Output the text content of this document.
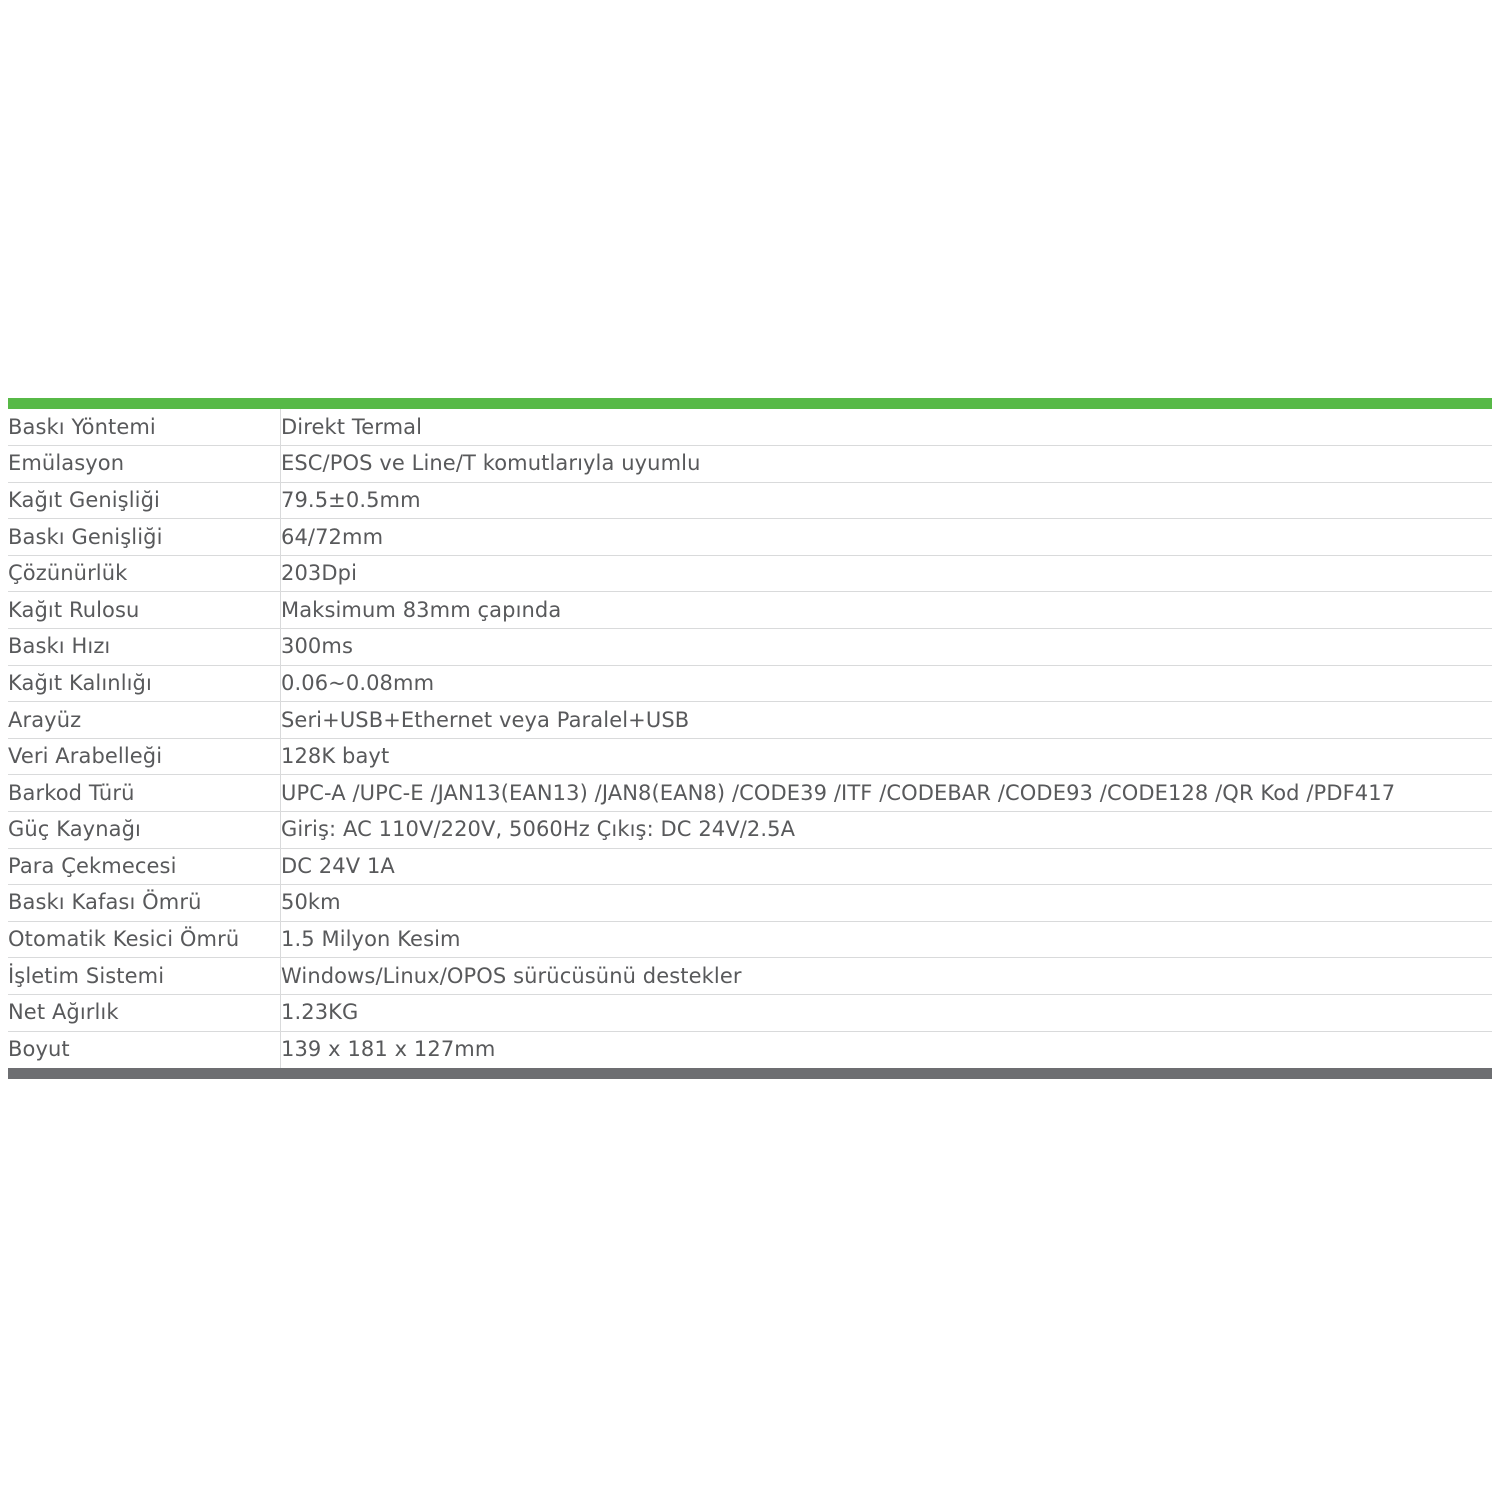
Baskı Yöntemi	Direkt Termal
Emülasyon	ESC/POS ve Line/T komutlarıyla uyumlu
Kağıt Genişliği	79.5±0.5mm
Baskı Genişliği	64/72mm
Çözünürlük	203Dpi
Kağıt Rulosu	Maksimum 83mm çapında
Baskı Hızı	300ms
Kağıt Kalınlığı	0.06~0.08mm
Arayüz	Seri+USB+Ethernet veya Paralel+USB
Veri Arabelleği	128K bayt
Barkod Türü	UPC-A /UPC-E /JAN13(EAN13) /JAN8(EAN8) /CODE39 /ITF /CODEBAR /CODE93 /CODE128 /QR Kod /PDF417
Güç Kaynağı	Giriş: AC 110V/220V, 5060Hz Çıkış: DC 24V/2.5A
Para Çekmecesi	DC 24V 1A
Baskı Kafası Ömrü	50km
Otomatik Kesici Ömrü	1.5 Milyon Kesim
İşletim Sistemi	Windows/Linux/OPOS sürücüsünü destekler
Net Ağırlık	1.23KG
Boyut	139 x 181 x 127mm
